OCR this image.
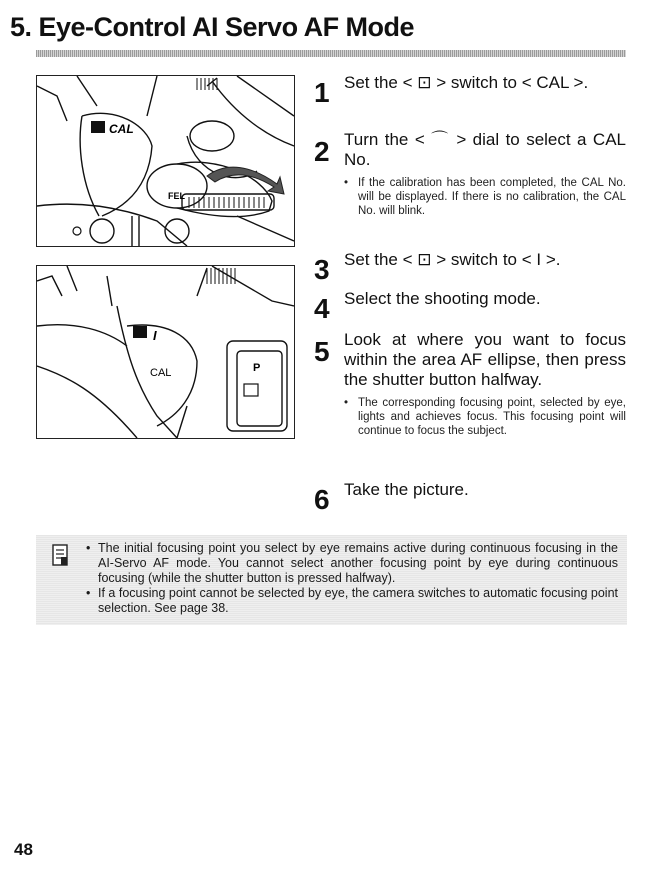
5. Eye-Control AI Servo AF Mode
CAL
FEL
I
CAL	P
1 Set the < ⊡ > switch to < CAL >.
2 Turn the < ⌒ > dial to select a CAL No.
• If the calibration has been completed, the CAL No. will be displayed. If there is no calibration, the CAL No. will blink.
3 Set the < ⊡ > switch to < I >.
4 Select the shooting mode.
5 Look at where you want to focus within the area AF ellipse, then press the shutter button halfway.
• The corresponding focusing point, selected by eye, lights and achieves focus. This focusing point will continue to focus the subject.
6 Take the picture.
• The initial focusing point you select by eye remains active during continuous focusing in the AI-Servo AF mode. You cannot select another focusing point by eye during continuous focusing (while the shutter button is pressed halfway).
• If a focusing point cannot be selected by eye, the camera switches to automatic focusing point selection. See page 38.
48
